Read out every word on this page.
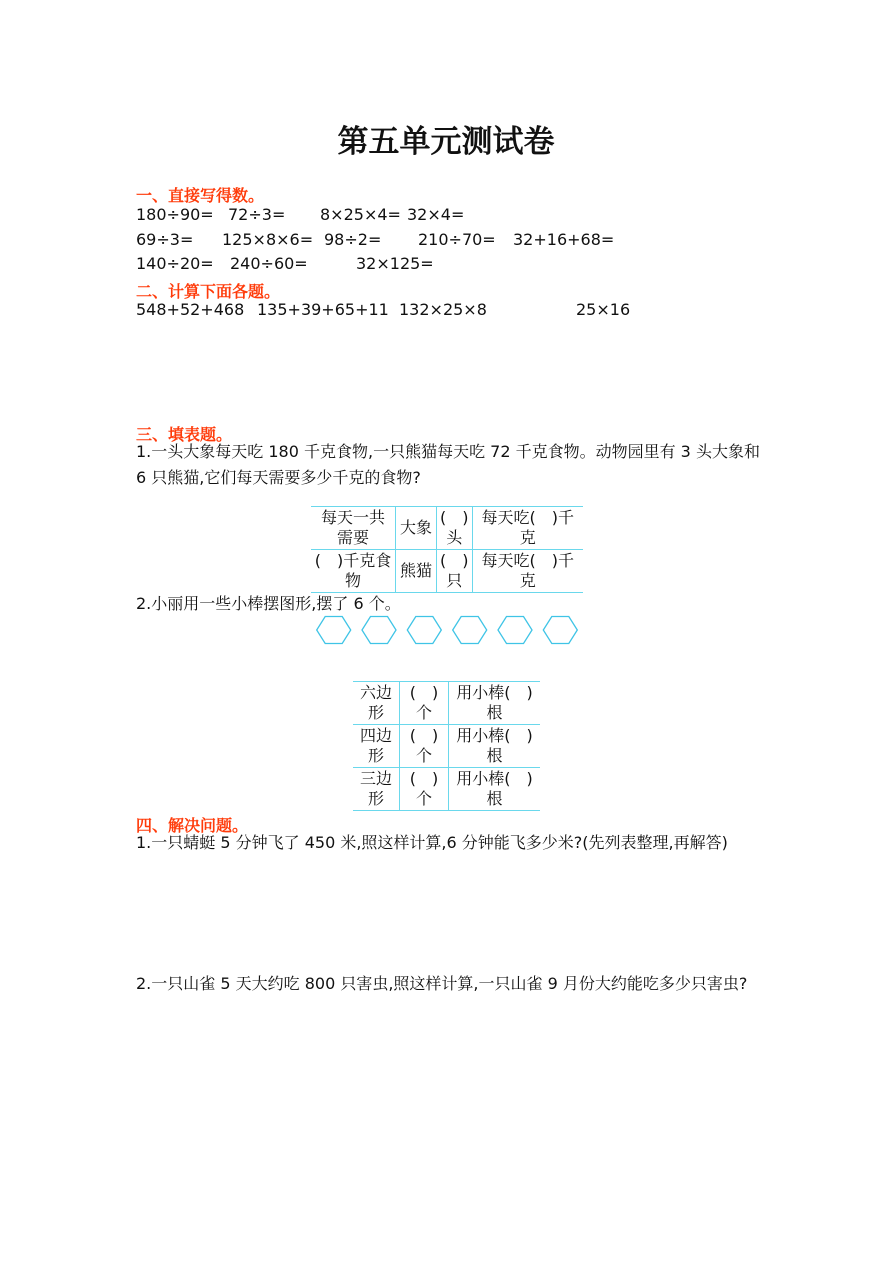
第五单元测试卷
一、直接写得数。
180÷90= 72÷3= 8×25×4= 32×4=
69÷3= 125×8×6= 98÷2= 210÷70= 32+16+68=
140÷20= 240÷60=	32×125=
二、计算下面各题。
548+52+468 135+39+65+11 132×25×8	25×16
三、填表题。
1.一头大象每天吃 180 千克食物,一只熊猫每天吃 72 千克食物。动物园里有 3 头大象和 6 只熊猫,它们每天需要多少千克的食物?
每天一共需要	大象	(　)头	每天吃(　)千克
(　)千克食物	熊猫	(　)只	每天吃(　)千克
2.小丽用一些小棒摆图形,摆了 6 个。
六边形	(　)个	用小棒(　)根
四边形	(　)个	用小棒(　)根
三边形	(　)个	用小棒(　)根
四、解决问题。
1.一只蜻蜓 5 分钟飞了 450 米,照这样计算,6 分钟能飞多少米?(先列表整理,再解答)
2.一只山雀 5 天大约吃 800 只害虫,照这样计算,一只山雀 9 月份大约能吃多少只害虫?
